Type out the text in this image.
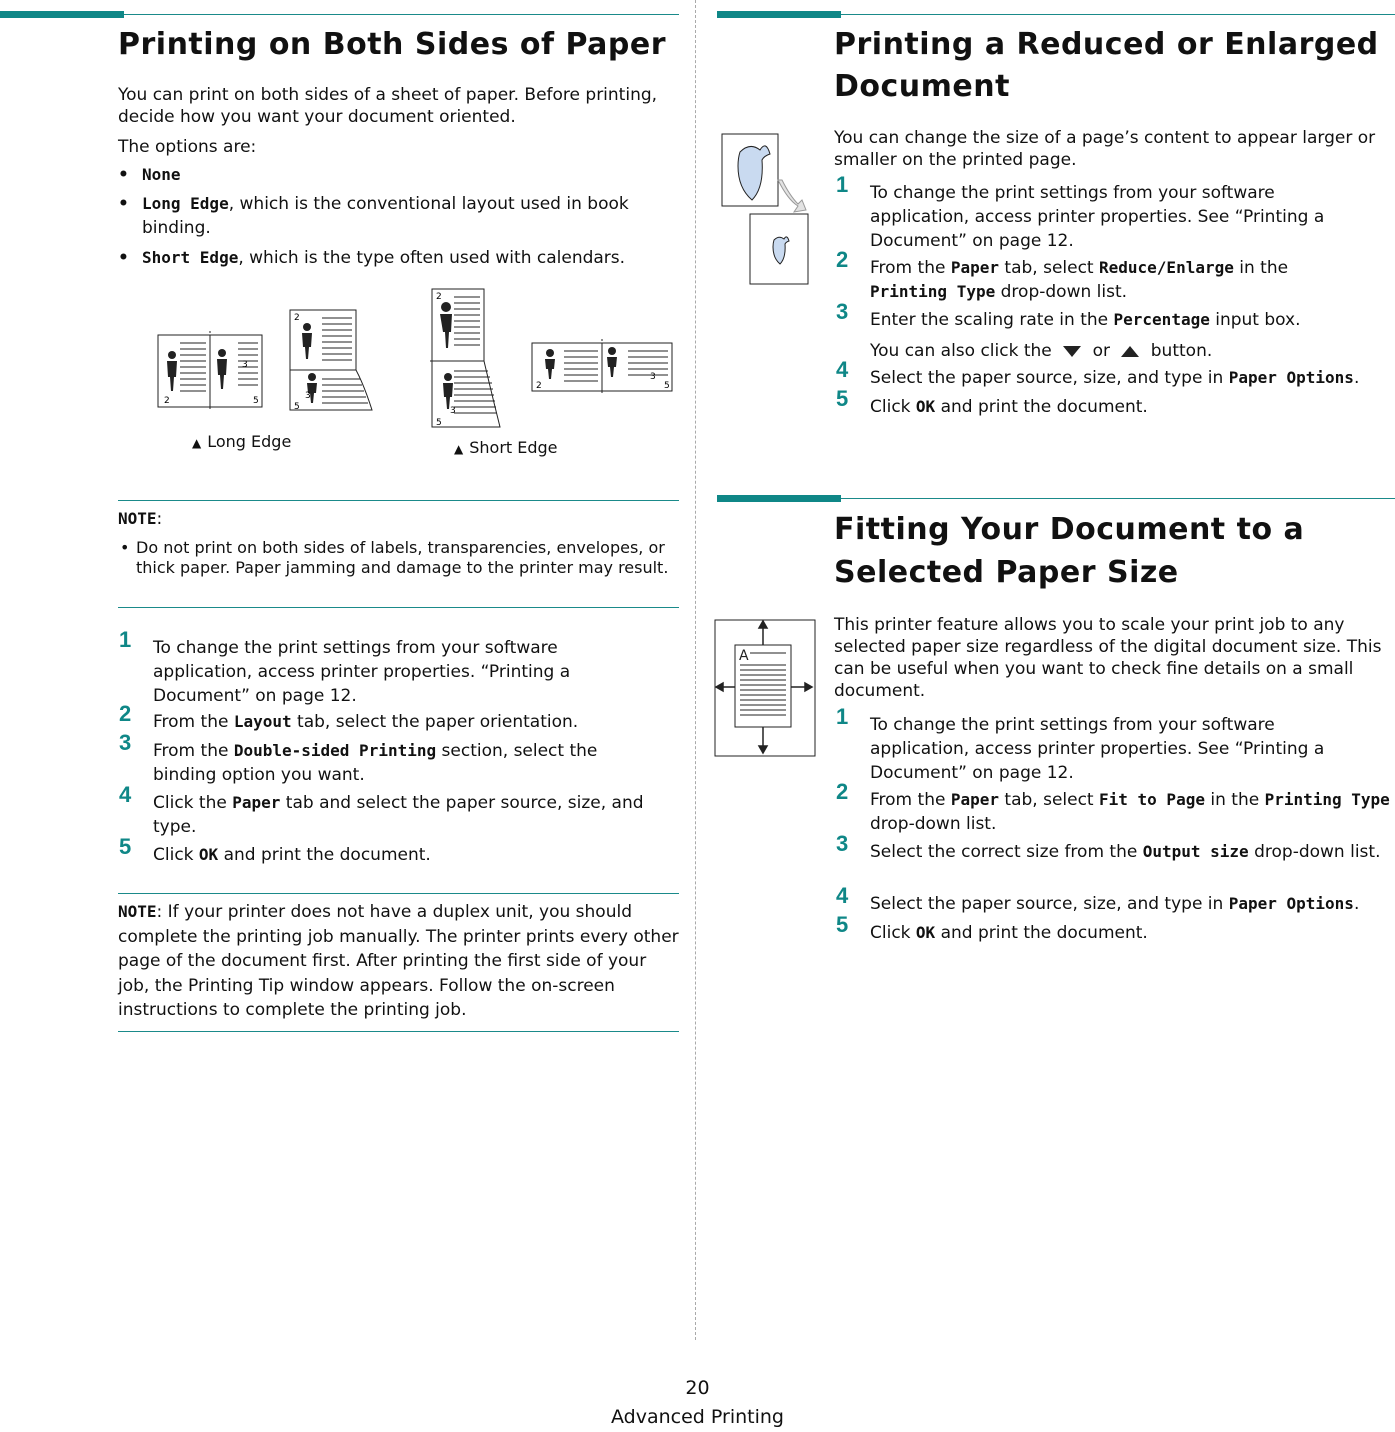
Printing on Both Sides of Paper

You can print on both sides of a sheet of paper. Before printing, decide how you want your document oriented.

The options are:

• None
• Long Edge, which is the conventional layout used in book binding.
• Short Edge, which is the type often used with calendars.
2
3
5
2
3
5
2
3
5
2
3
5
▲ Long Edge	▲ Short Edge
NOTE:
• Do not print on both sides of labels, transparencies, envelopes, or thick paper. Paper jamming and damage to the printer may result.
1 To change the print settings from your software application, access printer properties. “Printing a Document” on page 12.
2 From the Layout tab, select the paper orientation.
3 From the Double-sided Printing section, select the binding option you want.
4 Click the Paper tab and select the paper source, size, and type.
5 Click OK and print the document.
NOTE: If your printer does not have a duplex unit, you should complete the printing job manually. The printer prints every other page of the document first. After printing the first side of your job, the Printing Tip window appears. Follow the on-screen instructions to complete the printing job.
Printing a Reduced or Enlarged
Document

You can change the size of a page’s content to appear larger or smaller on the printed page.

1 To change the print settings from your software application, access printer properties. See “Printing a Document” on page 12.
2 From the Paper tab, select Reduce/Enlarge in the Printing Type drop-down list.
3 Enter the scaling rate in the Percentage input box.
You can also click the or button.
4 Select the paper source, size, and type in Paper Options.
5 Click OK and print the document.
Fitting Your Document to a
Selected Paper Size
A

This printer feature allows you to scale your print job to any selected paper size regardless of the digital document size. This can be useful when you want to check fine details on a small document.

1 To change the print settings from your software application, access printer properties. See “Printing a Document” on page 12.
2 From the Paper tab, select Fit to Page in the Printing Type drop-down list.
3 Select the correct size from the Output size drop-down list.
4 Select the paper source, size, and type in Paper Options.
5 Click OK and print the document.
20
Advanced Printing
